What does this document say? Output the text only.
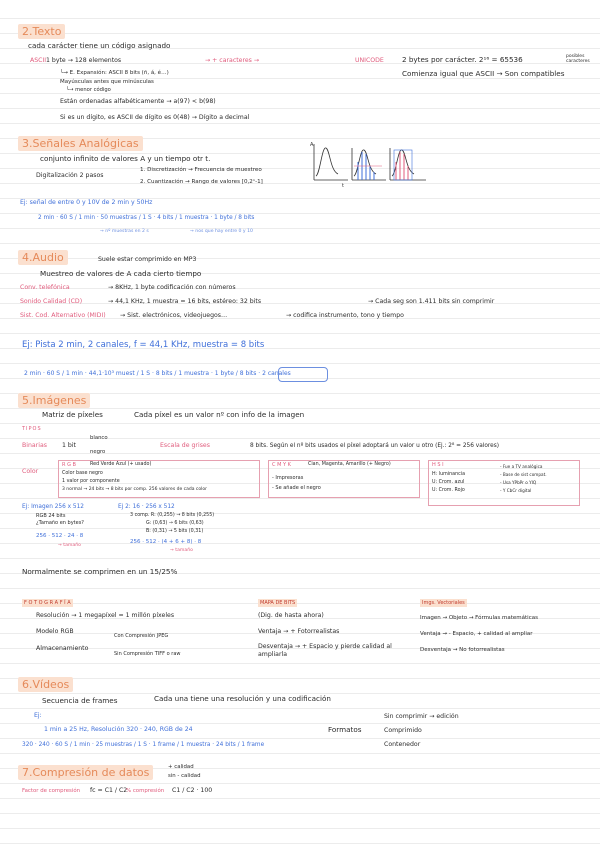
2.Texto
cada carácter tiene un código asignado
ASCII 1 byte → 128 elementos	→ + caracteres →	UNICODE	2 bytes por carácter. 2¹⁶ = 65536	posibles caracteres
Comienza igual que ASCII → Son compatibles
└→ E. Expansión: ASCII 8 bits (ñ, á, é…)
Mayúsculas antes que minúsculas
└→ menor código
Están ordenadas alfabéticamente → a(97) < b(98)
Si es un dígito, es ASCII de dígito es 0(48) → Dígito a decimal
3.Señales Analógicas
conjunto infinito de valores A y un tiempo otr t.
Digitalización 2 pasos
1. Discretización → Frecuencia de muestreo
2. Cuantización → Rango de valores [0,2ⁿ-1]
A
t
Ej: señal de entre 0 y 10V de 2 min y 50Hz
2 min · 60 S / 1 min · 50 muestras / 1 S · 4 bits / 1 muestra · 1 byte / 8 bits
→ nº muestras en 2 s	→ nos que hay entre 0 y 10
4.Audio	Suele estar comprimido en MP3
Muestreo de valores de A cada cierto tiempo
Conv. telefónica	→ 8KHz, 1 byte codificación con números
Sonido Calidad (CD)	→ 44,1 KHz, 1 muestra = 16 bits, estéreo: 32 bits	→ Cada seg son 1.411 bits sin comprimir
Sist. Cod. Alternativo (MIDI) → Sist. electrónicos, videojuegos…	→ codifica instrumento, tono y tiempo
Ej: Pista 2 min, 2 canales, f = 44,1 KHz, muestra = 8 bits
2 min · 60 S / 1 min · 44,1·10³ muest / 1 S · 8 bits / 1 muestra · 1 byte / 8 bits · 2 canales
5.Imágenes
Matriz de píxeles	Cada píxel es un valor nº con info de la imagen
TIPOS
Binarias 1 bit
blanco
negro
Escala de grises	8 bits. Según el nº bits usados el píxel adoptará un valor u otro (Ej.: 2⁸ = 256 valores)
Color
R G B	Red Verde Azul (+ usado)
Color base negro
1 valor por componente
3 normal → 24 bits → 8 bits por comp. 256 valores de cada color
C M Y K	Cian, Magenta, Amarillo (+ Negro)
- Impresoras
- Se añade el negro
H S I
H: luminancia
U: Crom. azul
U: Crom. Rojo
- Fue a TV analógica
- Base de sist compat.
- Usa YPbPr o YIQ
- Y CbCr digital
Ej: Imagen 256 x 512
RGB 24 bits
¿Tamaño en bytes?
256 · 512 · 24 · 8
→ tamaño
Ej 2: 16 · 256 x 512
3 comp. R: (0,255) → 8 bits (0,255)
G: (0,63) → 6 bits (0,63)
B: (0,31) → 5 bits (0,31)
256 · 512 · (4 + 6 + 8) · 8
→ tamaño
Normalmente se comprimen en un 15/25%
F O T O G R A F Í A
Resolución → 1 megapíxel = 1 millón píxeles
Modelo RGB
Almacenamiento
Con Compresión JPEG
Sin Compresión TIFF o raw
MAPA DE BITS
(Dig. de hasta ahora)
Ventaja → + Fotorrealistas
Desventaja → + Espacio y pierde calidad al ampliarla
Imgs. Vectoriales
Imagen → Objeto → Fórmulas matemáticas
Ventaja → - Espacio, + calidad al ampliar
Desventaja → No fotorrealistas
6.Vídeos
Secuencia de frames	Cada una tiene una resolución y una codificación
Ej:
1 min a 25 Hz, Resolución 320 · 240, RGB de 24
320 · 240 · 60 S / 1 min · 25 muestras / 1 S · 1 frame / 1 muestra · 24 bits / 1 frame
Formatos
Sin comprimir → edición
Comprimido
Contenedor
7.Compresión de datos	+ calidad
sin - calidad
Factor de compresión fc = C1 / C2
% compresión C1 / C2 · 100
